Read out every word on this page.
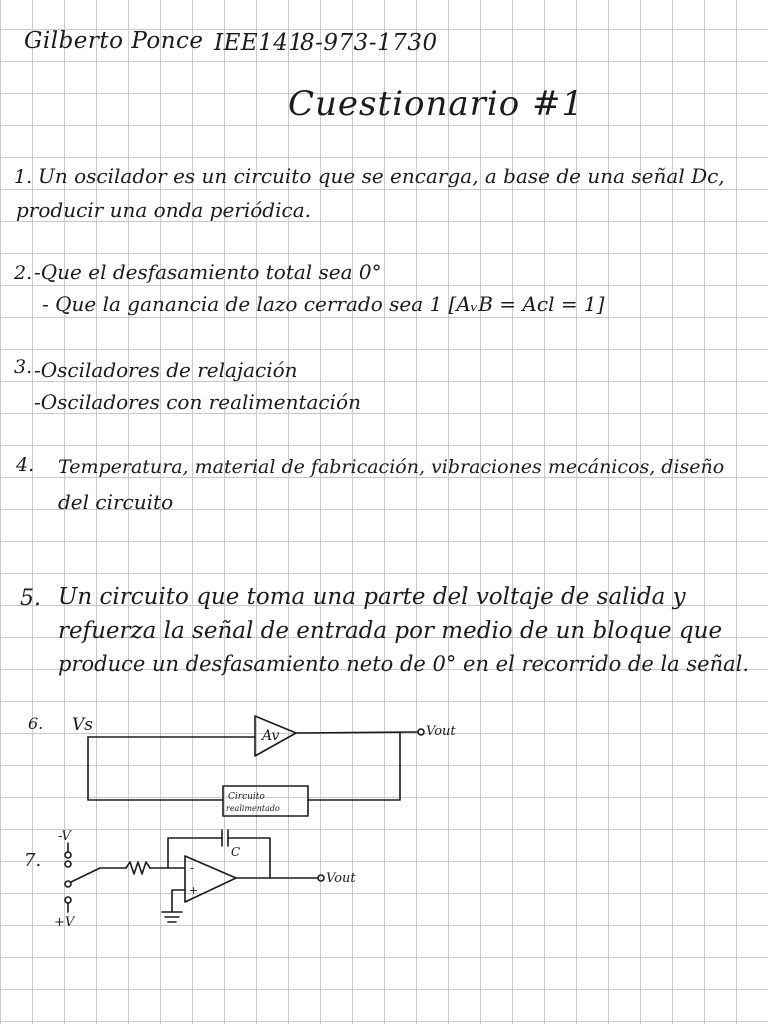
Gilberto Ponce IEE141
8-973-1730
Cuestionario #1
1. Un oscilador es un circuito que se encarga, a base de una señal Dc,
producir una onda periódica.
2. -Que el desfasamiento total sea 0°
- Que la ganancia de lazo cerrado sea 1 [AᵥB = Acl = 1]
3. -Osciladores de relajación
-Osciladores con realimentación
4. Temperatura, material de fabricación, vibraciones mecánicos, diseño
del circuito
5. Un circuito que toma una parte del voltaje de salida y
refuerza la señal de entrada por medio de un bloque que
produce un desfasamiento neto de 0° en el recorrido de la señal.
6. Vs
Av	Vout
Circuito
realimentado
7.
-V
+V
C
-
+
Vout
